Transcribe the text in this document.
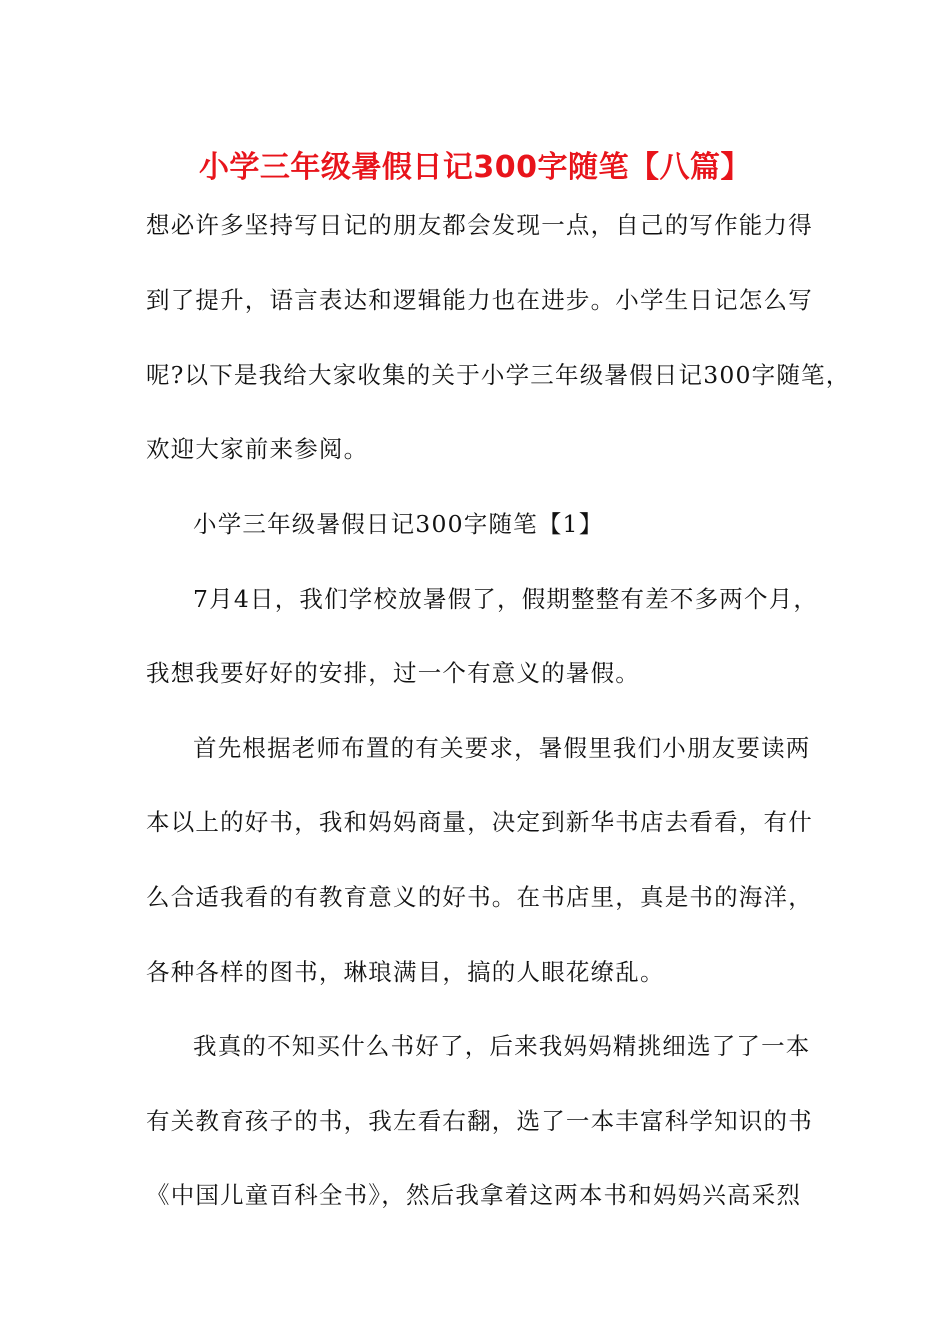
小学三年级暑假日记300字随笔【八篇】
想必许多坚持写日记的朋友都会发现一点，自己的写作能力得
到了提升，语言表达和逻辑能力也在进步。小学生日记怎么写
呢?以下是我给大家收集的关于小学三年级暑假日记300字随笔，
欢迎大家前来参阅。
小学三年级暑假日记300字随笔【1】
7月4日，我们学校放暑假了，假期整整有差不多两个月，
我想我要好好的安排，过一个有意义的暑假。
首先根据老师布置的有关要求，暑假里我们小朋友要读两
本以上的好书，我和妈妈商量，决定到新华书店去看看，有什
么合适我看的有教育意义的好书。在书店里，真是书的海洋，
各种各样的图书，琳琅满目，搞的人眼花缭乱。
我真的不知买什么书好了，后来我妈妈精挑细选了了一本
有关教育孩子的书，我左看右翻，选了一本丰富科学知识的书
《中国儿童百科全书》，然后我拿着这两本书和妈妈兴高采烈
